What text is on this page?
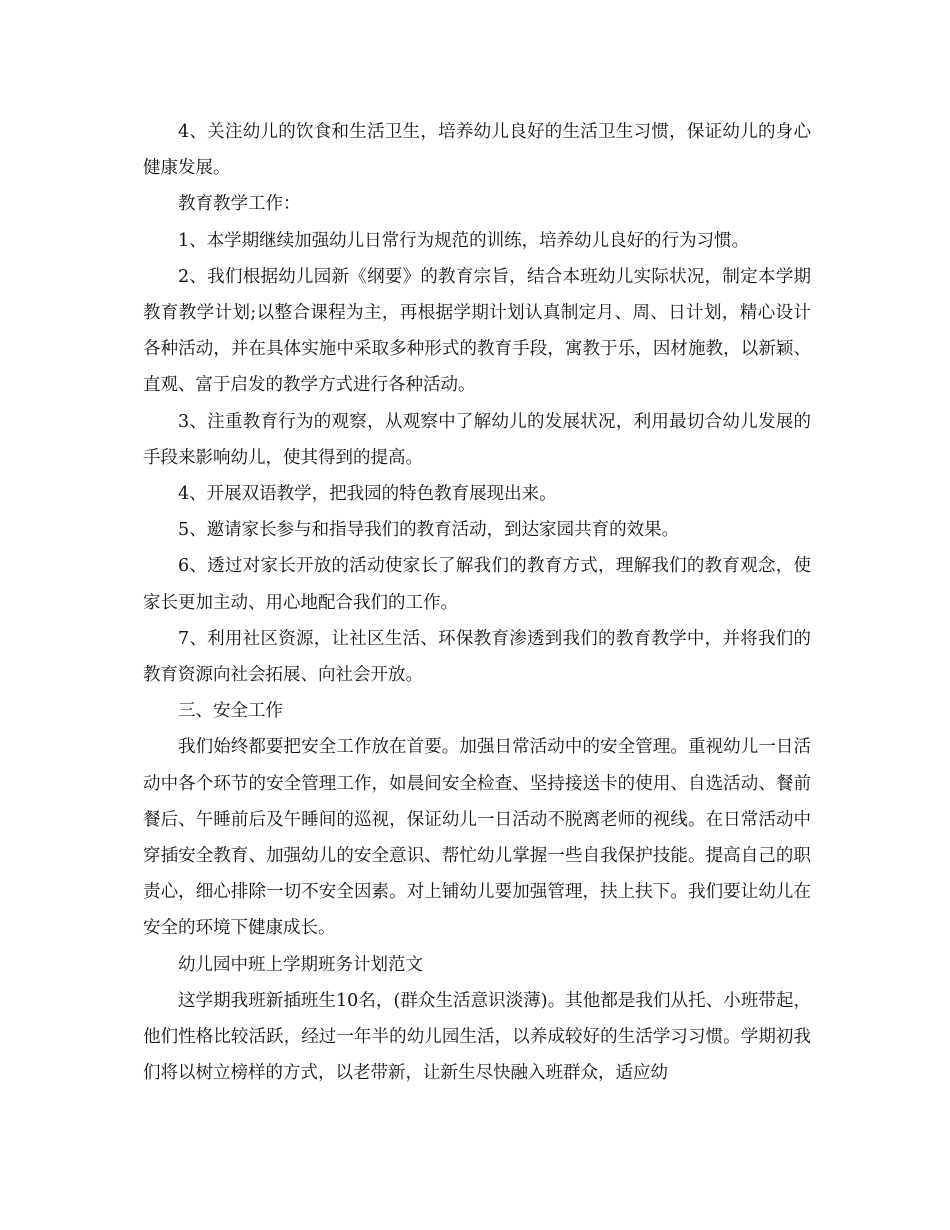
4、关注幼儿的饮食和生活卫生，培养幼儿良好的生活卫生习惯，保证幼儿的身心健康发展。

教育教学工作：

1、本学期继续加强幼儿日常行为规范的训练，培养幼儿良好的行为习惯。

2、我们根据幼儿园新《纲要》的教育宗旨，结合本班幼儿实际状况，制定本学期教育教学计划;以整合课程为主，再根据学期计划认真制定月、周、日计划，精心设计各种活动，并在具体实施中采取多种形式的教育手段，寓教于乐，因材施教，以新颖、直观、富于启发的教学方式进行各种活动。

3、注重教育行为的观察，从观察中了解幼儿的发展状况，利用最切合幼儿发展的手段来影响幼儿，使其得到的提高。

4、开展双语教学，把我园的特色教育展现出来。

5、邀请家长参与和指导我们的教育活动，到达家园共育的效果。

6、透过对家长开放的活动使家长了解我们的教育方式，理解我们的教育观念，使家长更加主动、用心地配合我们的工作。

7、利用社区资源，让社区生活、环保教育渗透到我们的教育教学中，并将我们的教育资源向社会拓展、向社会开放。

三、安全工作

我们始终都要把安全工作放在首要。加强日常活动中的安全管理。重视幼儿一日活动中各个环节的安全管理工作，如晨间安全检查、坚持接送卡的使用、自选活动、餐前餐后、午睡前后及午睡间的巡视，保证幼儿一日活动不脱离老师的视线。在日常活动中穿插安全教育、加强幼儿的安全意识、帮忙幼儿掌握一些自我保护技能。提高自己的职责心，细心排除一切不安全因素。对上铺幼儿要加强管理，扶上扶下。我们要让幼儿在安全的环境下健康成长。

幼儿园中班上学期班务计划范文

这学期我班新插班生10名，(群众生活意识淡薄)。其他都是我们从托、小班带起，他们性格比较活跃，经过一年半的幼儿园生活，以养成较好的生活学习习惯。学期初我们将以树立榜样的方式，以老带新，让新生尽快融入班群众，适应幼
